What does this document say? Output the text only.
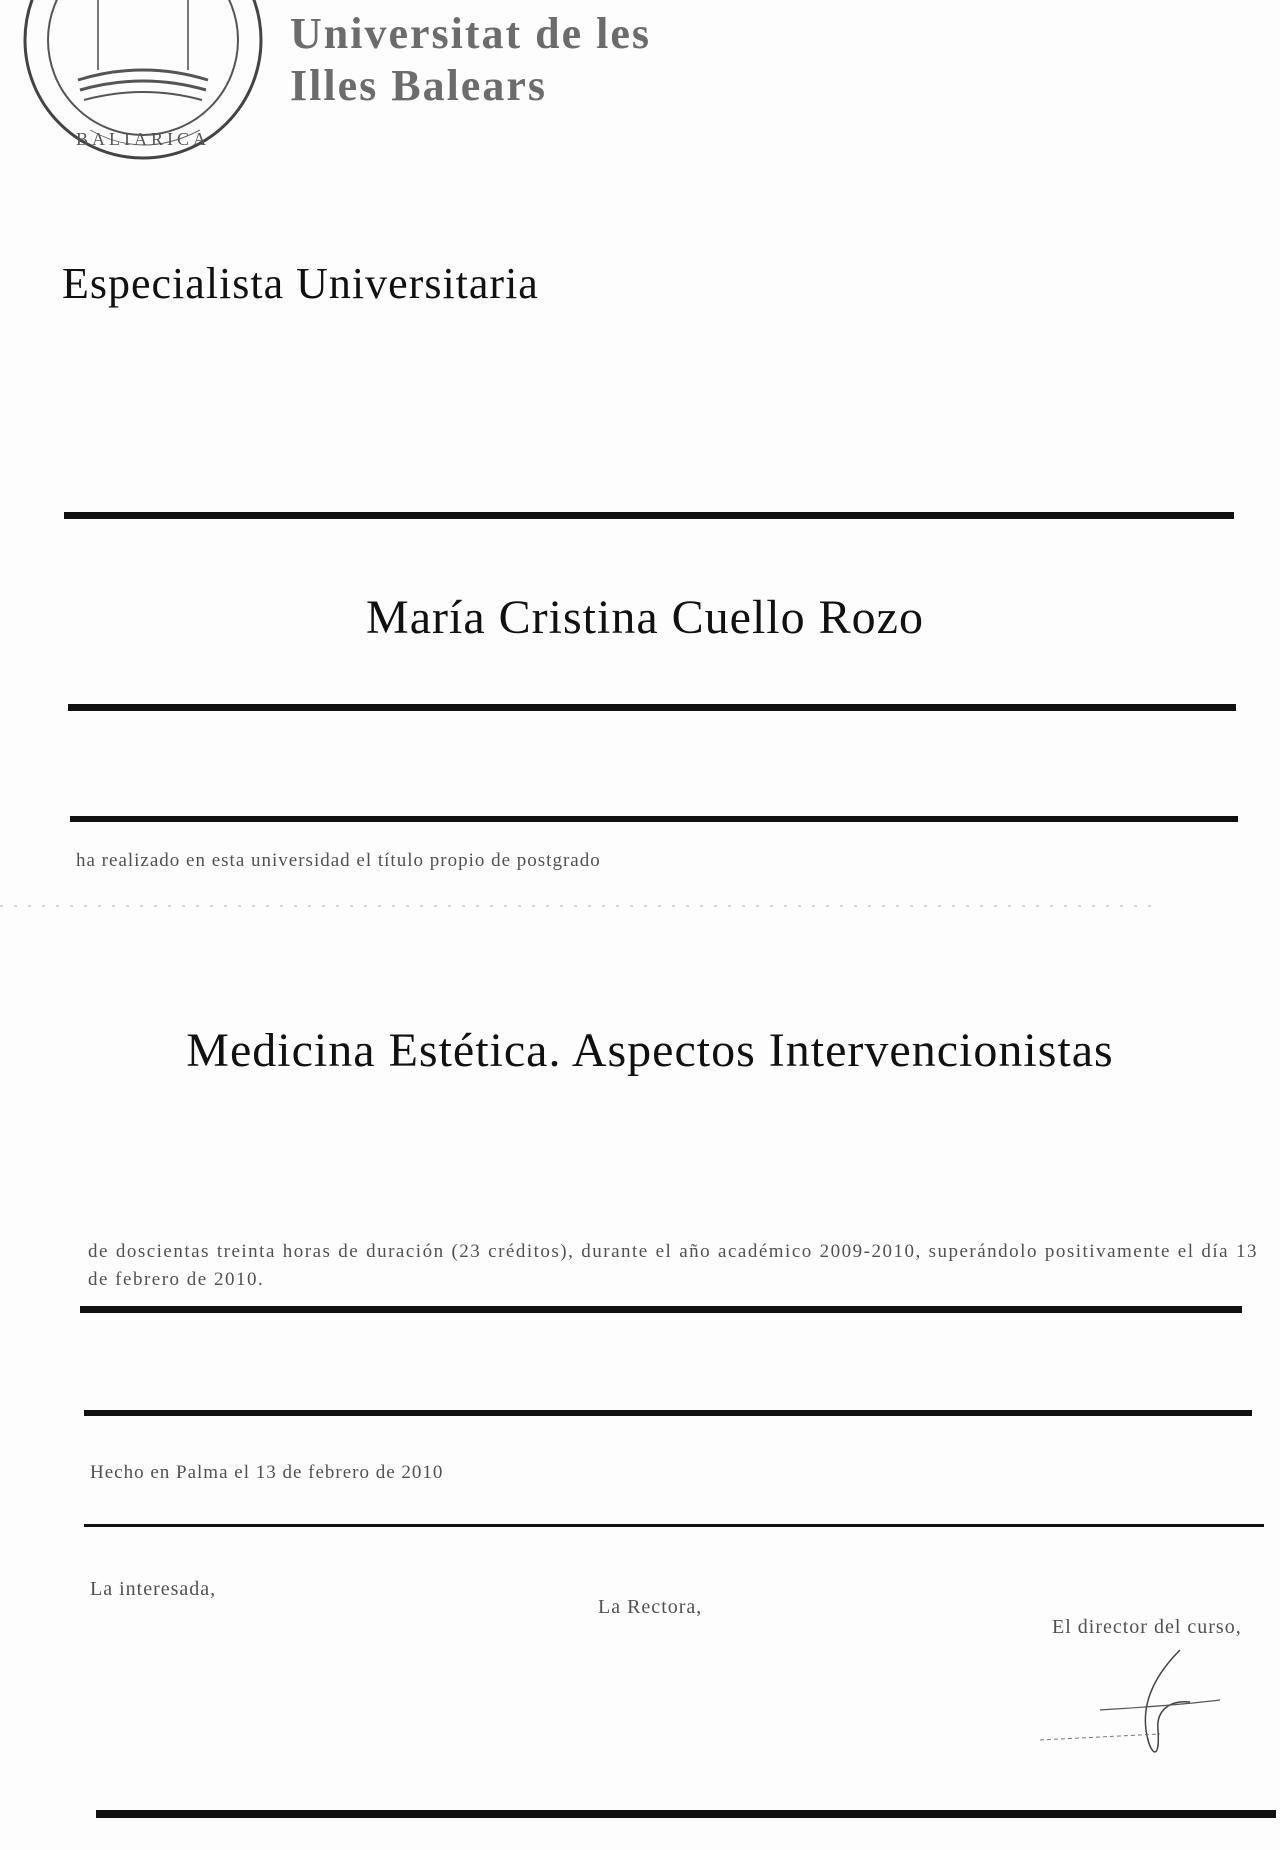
BALIARICA
Universitat de les
Illes Balears
Especialista Universitaria
María Cristina Cuello Rozo
ha realizado en esta universidad el título propio de postgrado
Medicina Estética. Aspectos Intervencionistas
de doscientas treinta horas de duración (23 créditos), durante el año académico 2009-2010, superándolo positivamente el día 13 de febrero de 2010.
Hecho en Palma el 13 de febrero de 2010
La interesada,
La Rectora,
El director del curso,
